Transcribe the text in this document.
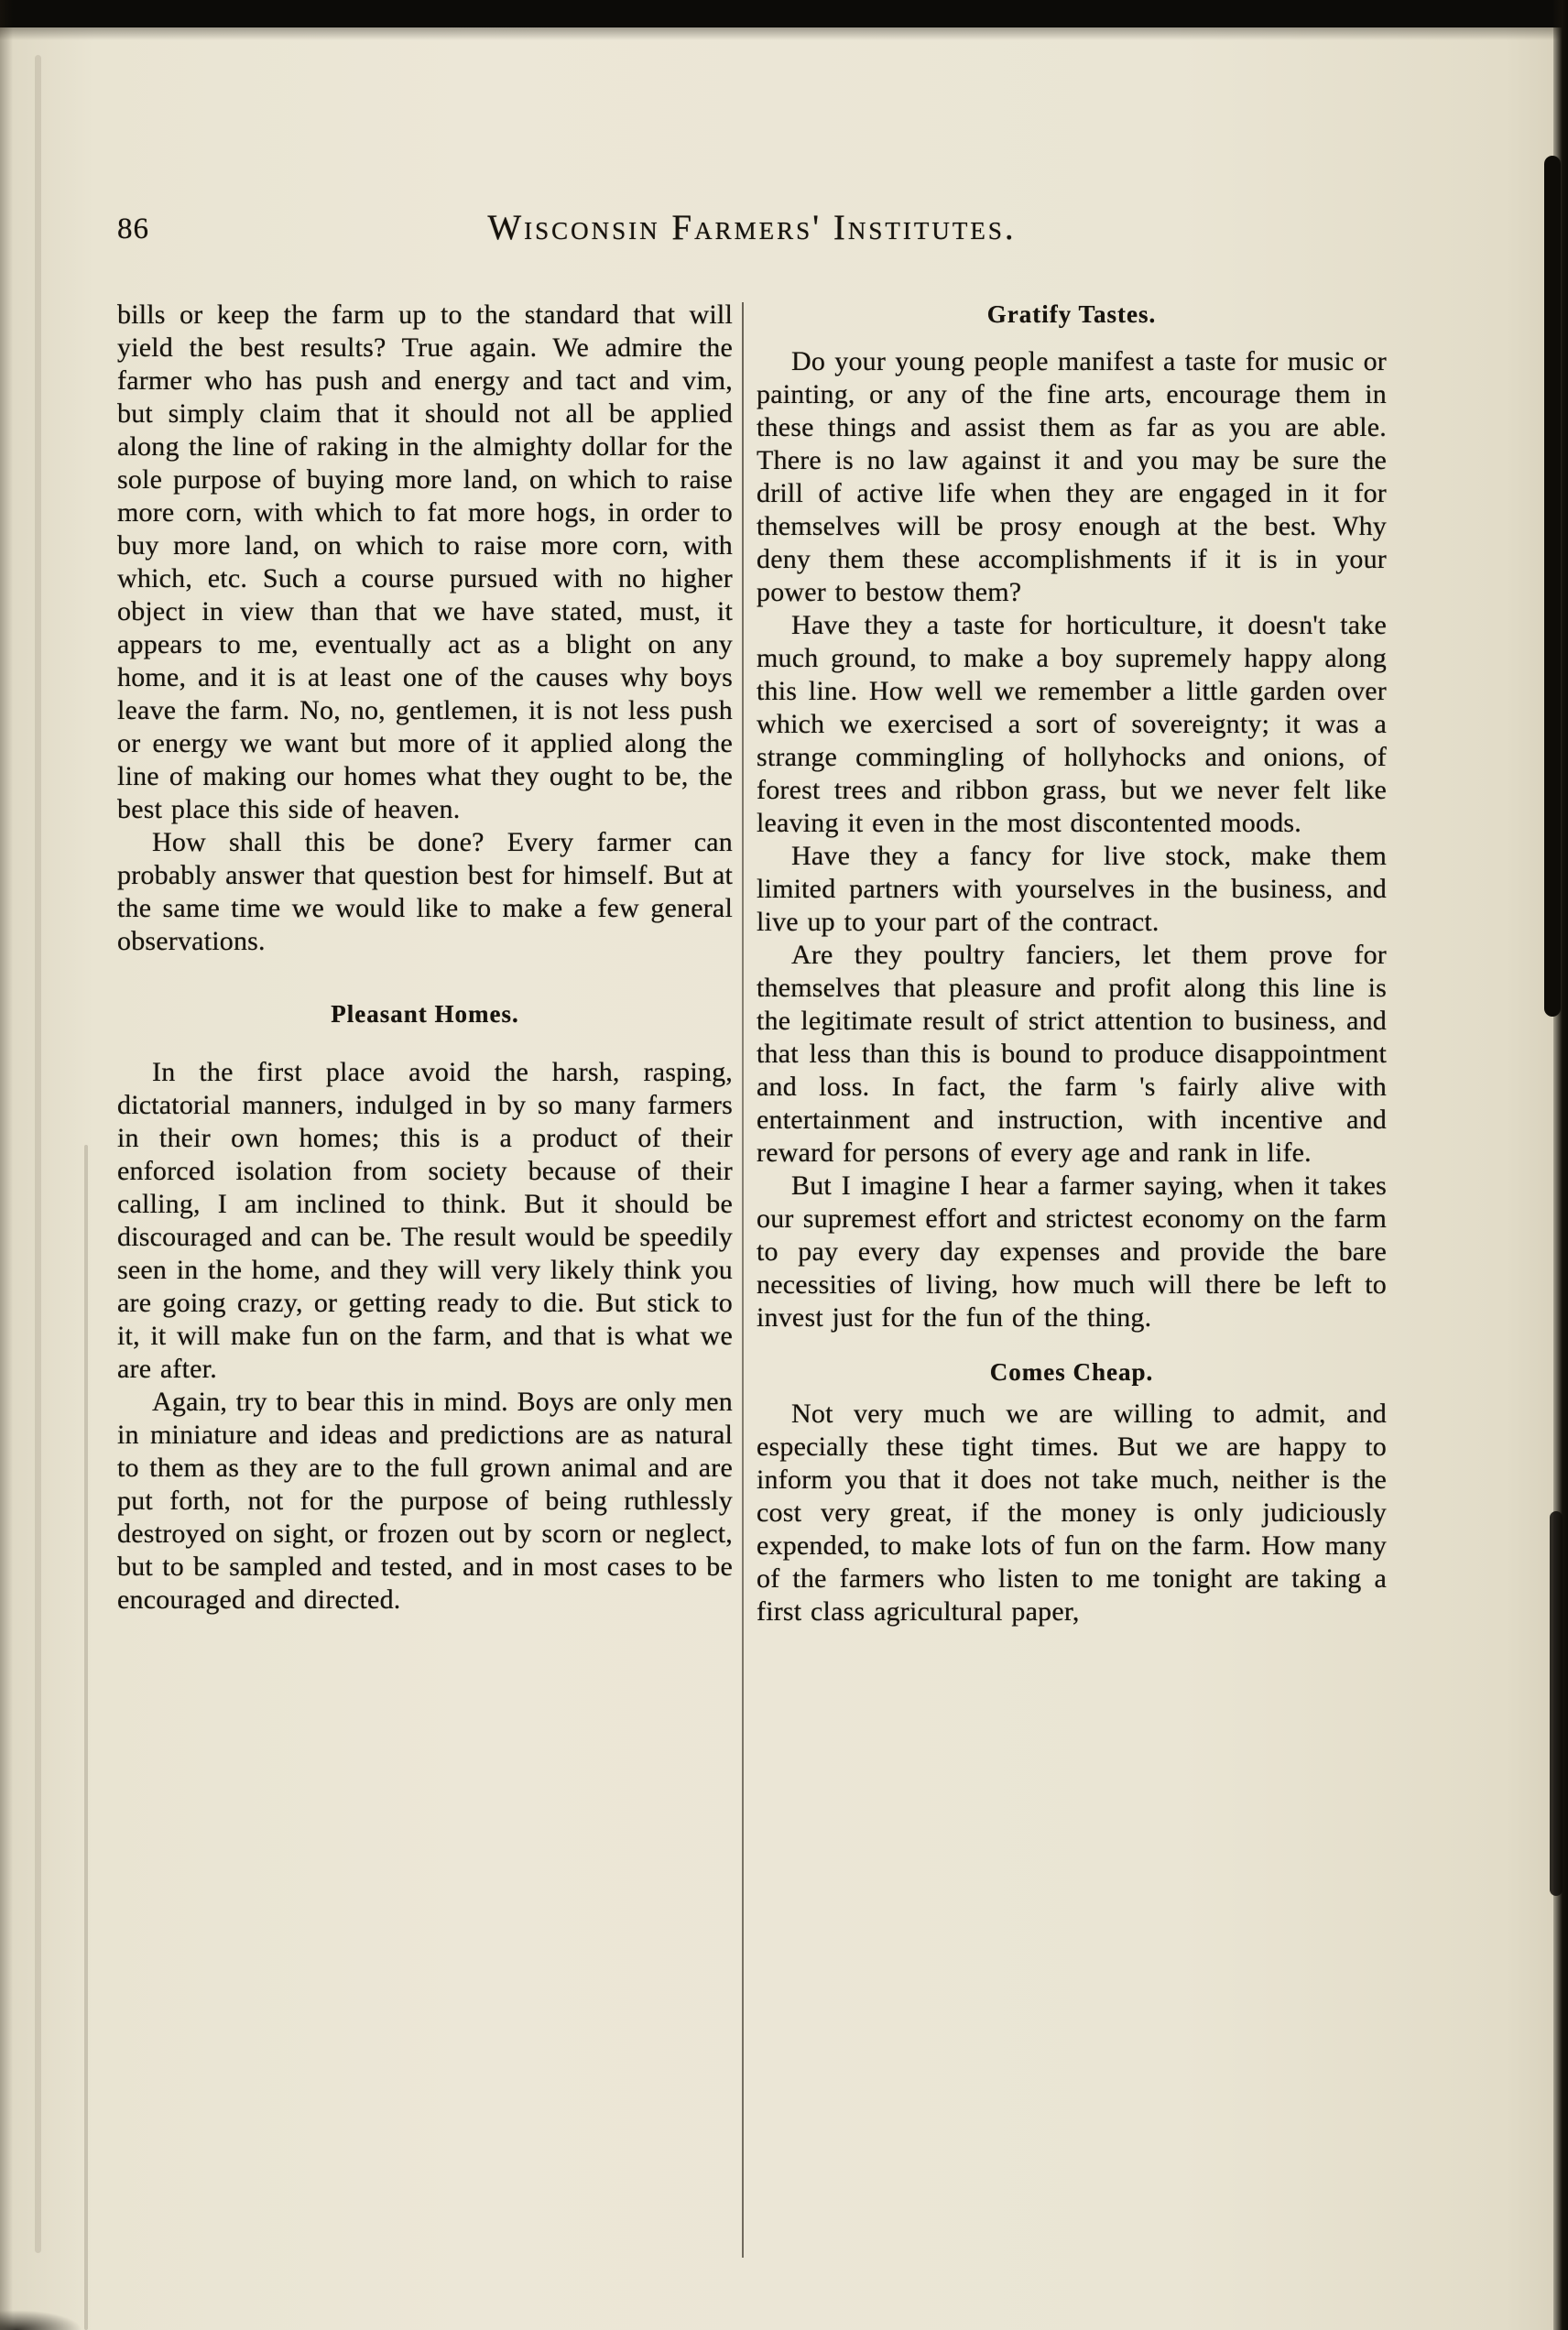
86	Wisconsin Farmers' Institutes.

bills or keep the farm up to the standard that will yield the best results? True again. We admire the farmer who has push and energy and tact and vim, but simply claim that it should not all be applied along the line of raking in the almighty dollar for the sole purpose of buying more land, on which to raise more corn, with which to fat more hogs, in order to buy more land, on which to raise more corn, with which, etc. Such a course pursued with no higher object in view than that we have stated, must, it appears to me, eventually act as a blight on any home, and it is at least one of the causes why boys leave the farm. No, no, gentlemen, it is not less push or energy we want but more of it applied along the line of making our homes what they ought to be, the best place this side of heaven.

How shall this be done? Every farmer can probably answer that question best for himself. But at the same time we would like to make a few general observations.

Pleasant Homes.

In the first place avoid the harsh, rasping, dictatorial manners, indulged in by so many farmers in their own homes; this is a product of their enforced isolation from society because of their calling, I am inclined to think. But it should be discouraged and can be. The result would be speedily seen in the home, and they will very likely think you are going crazy, or getting ready to die. But stick to it, it will make fun on the farm, and that is what we are after.

Again, try to bear this in mind. Boys are only men in miniature and ideas and predictions are as natural to them as they are to the full grown animal and are put forth, not for the purpose of being ruthlessly destroyed on sight, or frozen out by scorn or neglect, but to be sampled and tested, and in most cases to be encouraged and directed.

Gratify Tastes.

Do your young people manifest a taste for music or painting, or any of the fine arts, encourage them in these things and assist them as far as you are able. There is no law against it and you may be sure the drill of active life when they are engaged in it for themselves will be prosy enough at the best. Why deny them these accomplishments if it is in your power to bestow them?

Have they a taste for horticulture, it doesn't take much ground, to make a boy supremely happy along this line. How well we remember a little garden over which we exercised a sort of sovereignty; it was a strange commingling of hollyhocks and onions, of forest trees and ribbon grass, but we never felt like leaving it even in the most discontented moods.

Have they a fancy for live stock, make them limited partners with yourselves in the business, and live up to your part of the contract.

Are they poultry fanciers, let them prove for themselves that pleasure and profit along this line is the legitimate result of strict attention to business, and that less than this is bound to produce disappointment and loss. In fact, the farm 's fairly alive with entertainment and instruction, with incentive and reward for persons of every age and rank in life.

But I imagine I hear a farmer saying, when it takes our supremest effort and strictest economy on the farm to pay every day expenses and provide the bare necessities of living, how much will there be left to invest just for the fun of the thing.

Comes Cheap.

Not very much we are willing to admit, and especially these tight times. But we are happy to inform you that it does not take much, neither is the cost very great, if the money is only judiciously expended, to make lots of fun on the farm. How many of the farmers who listen to me tonight are taking a first class agricultural paper,
